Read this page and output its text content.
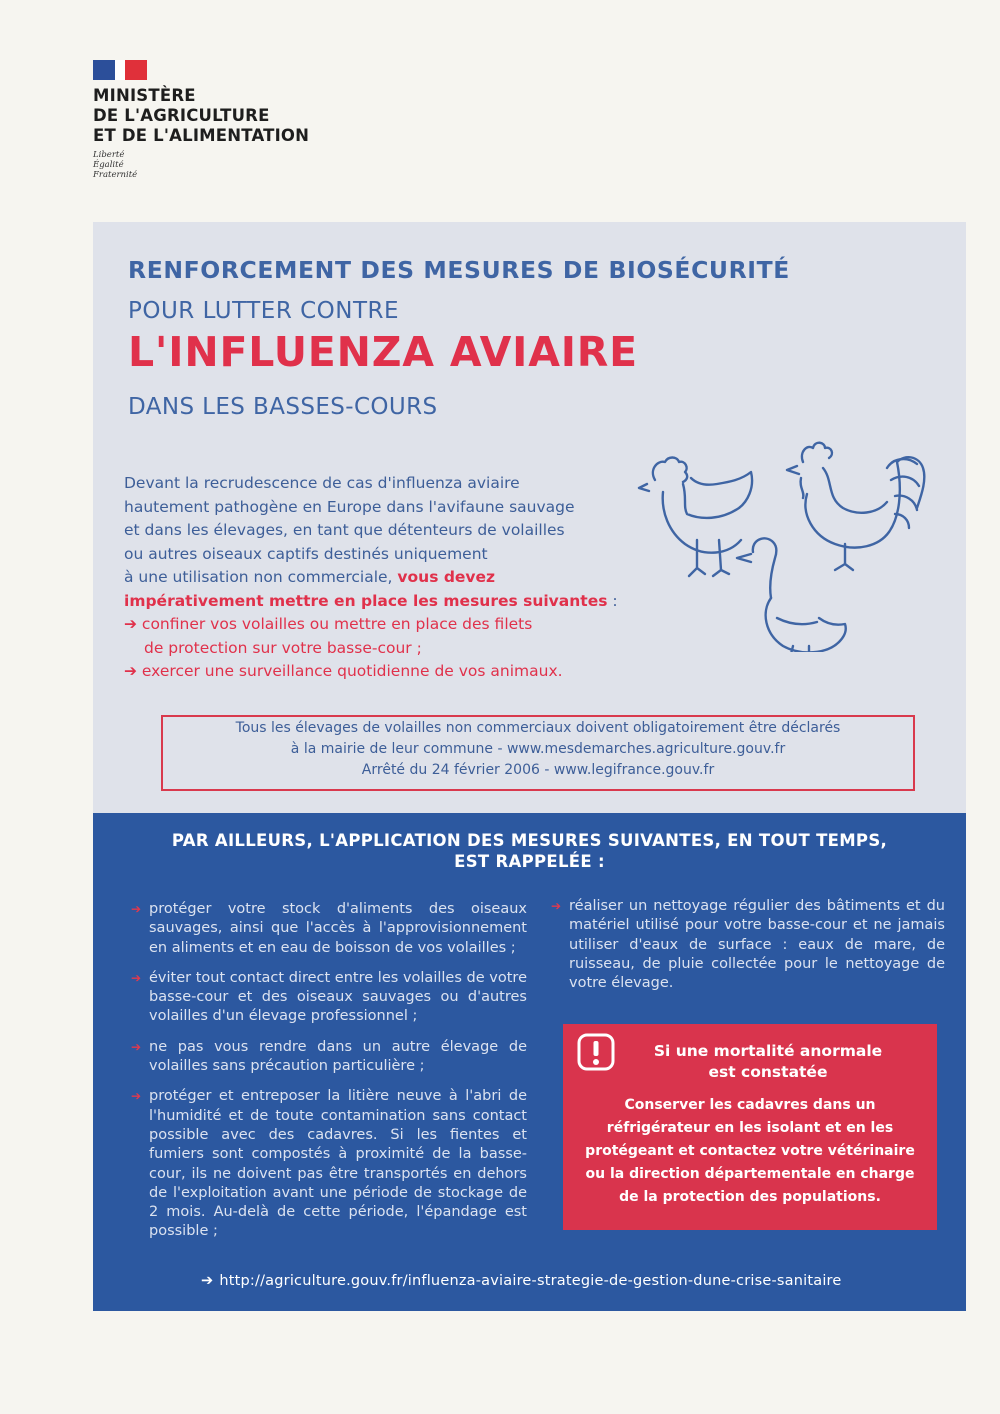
MINISTÈRE
DE L'AGRICULTURE
ET DE L'ALIMENTATION
Liberté
Égalité
Fraternité
RENFORCEMENT DES MESURES DE BIOSÉCURITÉ
POUR LUTTER CONTRE
L'INFLUENZA AVIAIRE
DANS LES BASSES-COURS
Devant la recrudescence de cas d'influenza aviaire
hautement pathogène en Europe dans l'avifaune sauvage
et dans les élevages, en tant que détenteurs de volailles
ou autres oiseaux captifs destinés uniquement
à une utilisation non commerciale, vous devez
impérativement mettre en place les mesures suivantes :
➔ confiner vos volailles ou mettre en place des filets
de protection sur votre basse-cour ;
➔ exercer une surveillance quotidienne de vos animaux.
Tous les élevages de volailles non commerciaux doivent obligatoirement être déclarés
à la mairie de leur commune - www.mesdemarches.agriculture.gouv.fr
Arrêté du 24 février 2006 - www.legifrance.gouv.fr
PAR AILLEURS, L'APPLICATION DES MESURES SUIVANTES, EN TOUT TEMPS,
EST RAPPELÉE :
➔ protéger votre stock d'aliments des oiseaux sauvages, ainsi que l'accès à l'approvisionnement en aliments et en eau de boisson de vos volailles ;
➔ éviter tout contact direct entre les volailles de votre basse-cour et des oiseaux sauvages ou d'autres volailles d'un élevage professionnel ;
➔ ne pas vous rendre dans un autre élevage de volailles sans précaution particulière ;
➔ protéger et entreposer la litière neuve à l'abri de l'humidité et de toute contamination sans contact possible avec des cadavres. Si les fientes et fumiers sont compostés à proximité de la basse-cour, ils ne doivent pas être transportés en dehors de l'exploitation avant une période de stockage de 2 mois. Au-delà de cette période, l'épandage est possible ;
➔ réaliser un nettoyage régulier des bâtiments et du matériel utilisé pour votre basse-cour et ne jamais utiliser d'eaux de surface : eaux de mare, de ruisseau, de pluie collectée pour le nettoyage de votre élevage.
Si une mortalité anormale
est constatée
Conserver les cadavres dans un
réfrigérateur en les isolant et en les
protégeant et contactez votre vétérinaire
ou la direction départementale en charge
de la protection des populations.
➔ http://agriculture.gouv.fr/influenza-aviaire-strategie-de-gestion-dune-crise-sanitaire
